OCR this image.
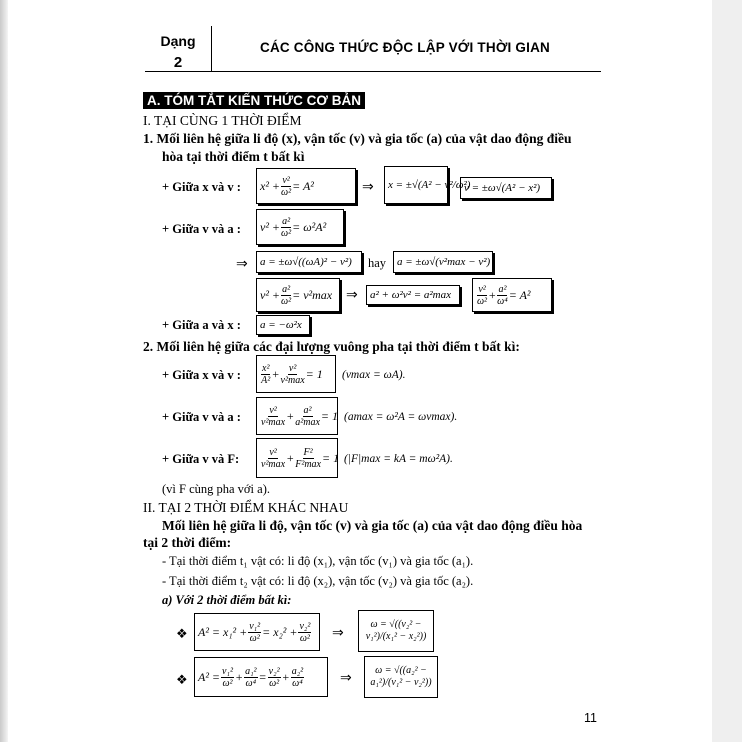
Dạng
2
CÁC CÔNG THỨC ĐỘC LẬP VỚI THỜI GIAN
A. TÓM TẮT KIẾN THỨC CƠ BẢN
I. TẠI CÙNG 1 THỜI ĐIỂM
1. Mối liên hệ giữa li độ (x), vận tốc (v) và gia tốc (a) của vật dao động điều
hòa tại thời điểm t bất kì
+ Giữa x và v : $x^2 + \frac{\text{v²}}{\text{ω²}} = A^2$	⇒	x = ±√(A² − v²/ω²)
v = ±ω√(A² − x²)
+ Giữa v và a : $v^2 + \frac{\text{a²}}{\text{ω²}} = \omega^2A^2$
⇒	a = ±ω√((ωA)² − v²)	hay a = ±ω√(v²max − v²)
$v^2 + \frac{\text{a²}}{\text{ω²}} = v^2\max$ ⇒	a² + ω²v² = a²max	$\frac{\text{v²}}{\text{ω²}} + \frac{\text{a²}}{\text{ω⁴}} = A^2$
+ Giữa a và x :	a = −ω²x
2. Mối liên hệ giữa các đại lượng vuông pha tại thời điểm t bất kì:
+ Giữa x và v : $\frac{\text{x²}}{\text{A²}} + \frac{\text{v²}}{\text{v²max}} = 1$ (vmax = ωA).
+ Giữa v và a : $\frac{\text{v²}}{\text{v²max}} + \frac{\text{a²}}{\text{a²max}} = 1$ (amax = ω²A = ωvmax).
+ Giữa v và F: $\frac{\text{v²}}{\text{v²max}} + \frac{\text{F²}}{\text{F²max}} = 1$ (|F|max = kA = mω²A).
(vì F cùng pha với a).
II. TẠI 2 THỜI ĐIỂM KHÁC NHAU
Mối liên hệ giữa li độ, vận tốc (v) và gia tốc (a) của vật dao động điều hòa
tại 2 thời điểm:
- Tại thời điểm t₁ vật có: li độ (x₁), vận tốc (v₁) và gia tốc (a₁).
- Tại thời điểm t₂ vật có: li độ (x₂), vận tốc (v₂) và gia tốc (a₂).
a) Với 2 thời điểm bất kì:
❖ $A^2 = x_1^2 + \frac{\text{v₁²}}{\text{ω²}} = x_2^2 + \frac{\text{v₂²}}{\text{ω²}}$ ⇒
ω = √((v₂² − v₁²)/(x₁² − x₂²))
❖ $A^2 = \frac{\text{v₁²}}{\text{ω²}} + \frac{\text{a₁²}}{\text{ω⁴}} = \frac{\text{v₂²}}{\text{ω²}} + \frac{\text{a₂²}}{\text{ω⁴}}$	⇒
ω = √((a₂² − a₁²)/(v₁² − v₂²))
11
